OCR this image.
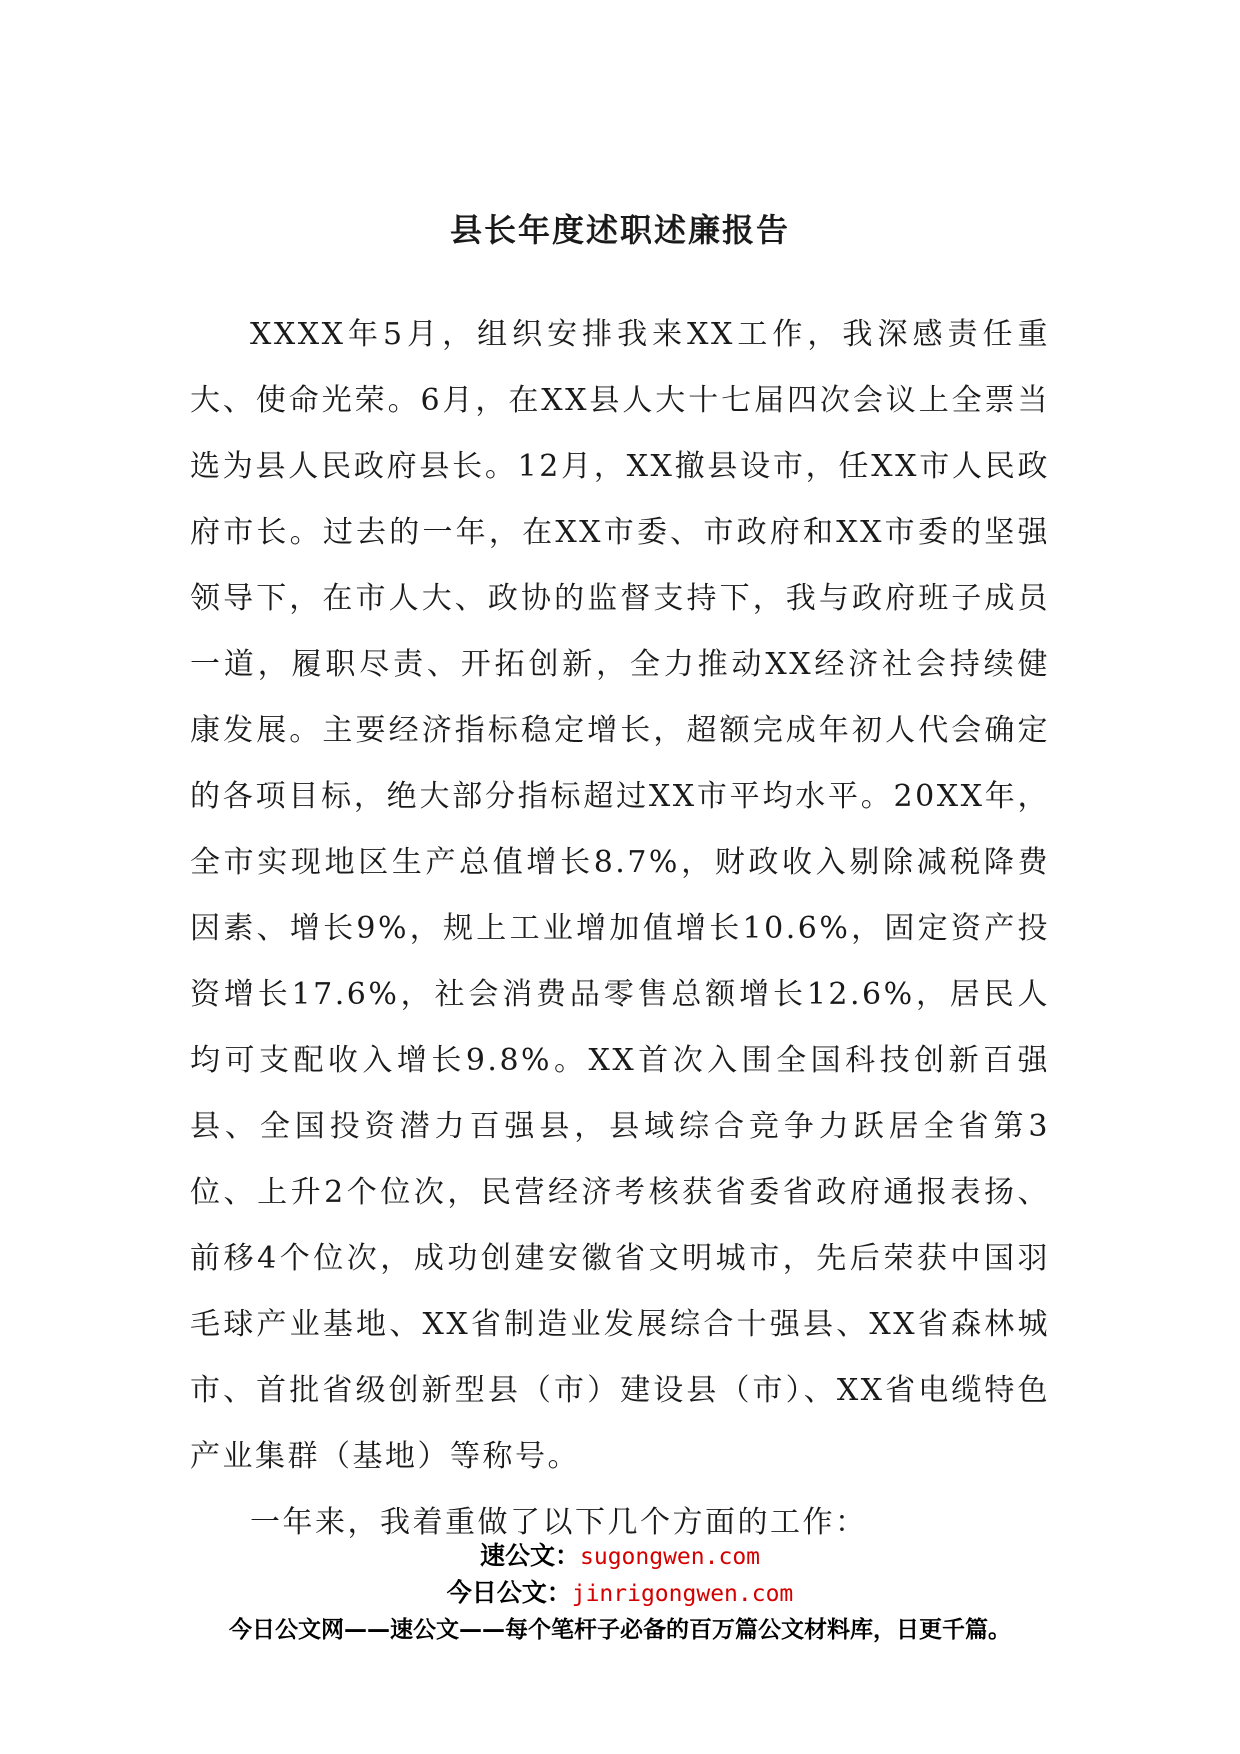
县长年度述职述廉报告

XXXX年5月，组织安排我来XX工作，我深感责任重大、使命光荣。6月，在XX县人大十七届四次会议上全票当选为县人民政府县长。12月，XX撤县设市，任XX市人民政府市长。过去的一年，在XX市委、市政府和XX市委的坚强领导下，在市人大、政协的监督支持下，我与政府班子成员一道，履职尽责、开拓创新，全力推动XX经济社会持续健康发展。主要经济指标稳定增长，超额完成年初人代会确定的各项目标，绝大部分指标超过XX市平均水平。20XX年，全市实现地区生产总值增长8.7%，财政收入剔除减税降费因素、增长9%，规上工业增加值增长10.6%，固定资产投资增长17.6%，社会消费品零售总额增长12.6%，居民人均可支配收入增长9.8%。XX首次入围全国科技创新百强县、全国投资潜力百强县，县域综合竞争力跃居全省第3位、上升2个位次，民营经济考核获省委省政府通报表扬、前移4个位次，成功创建安徽省文明城市，先后荣获中国羽毛球产业基地、XX省制造业发展综合十强县、XX省森林城市、首批省级创新型县（市）建设县（市）、XX省电缆特色产业集群（基地）等称号。

一年来，我着重做了以下几个方面的工作：

速公文：sugongwen.com
今日公文：jinrigongwen.com
今日公文网——速公文——每个笔杆子必备的百万篇公文材料库，日更千篇。
